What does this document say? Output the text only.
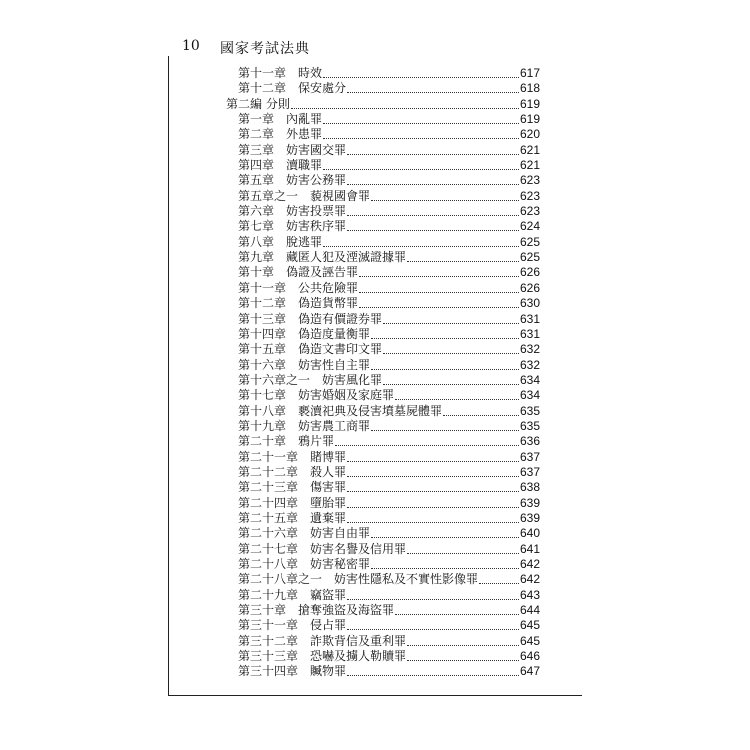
10 國家考試法典
第十一章　時效	617
第十二章　保安處分	618
第二編 分則	619
第一章　內亂罪	619
第二章　外患罪	620
第三章　妨害國交罪	621
第四章　瀆職罪	621
第五章　妨害公務罪	623
第五章之一　藐視國會罪	623
第六章　妨害投票罪	623
第七章　妨害秩序罪	624
第八章　脫逃罪	625
第九章　藏匿人犯及湮滅證據罪	625
第十章　偽證及誣告罪	626
第十一章　公共危險罪	626
第十二章　偽造貨幣罪	630
第十三章　偽造有價證券罪	631
第十四章　偽造度量衡罪	631
第十五章　偽造文書印文罪	632
第十六章　妨害性自主罪	632
第十六章之一　妨害風化罪	634
第十七章　妨害婚姻及家庭罪	634
第十八章　褻瀆祀典及侵害墳墓屍體罪	635
第十九章　妨害農工商罪	635
第二十章　鴉片罪	636
第二十一章　賭博罪	637
第二十二章　殺人罪	637
第二十三章　傷害罪	638
第二十四章　墮胎罪	639
第二十五章　遺棄罪	639
第二十六章　妨害自由罪	640
第二十七章　妨害名譽及信用罪	641
第二十八章　妨害秘密罪	642
第二十八章之一　妨害性隱私及不實性影像罪	642
第二十九章　竊盜罪	643
第三十章　搶奪強盜及海盜罪	644
第三十一章　侵占罪	645
第三十二章　詐欺背信及重利罪	645
第三十三章　恐嚇及擄人勒贖罪	646
第三十四章　贓物罪	647
